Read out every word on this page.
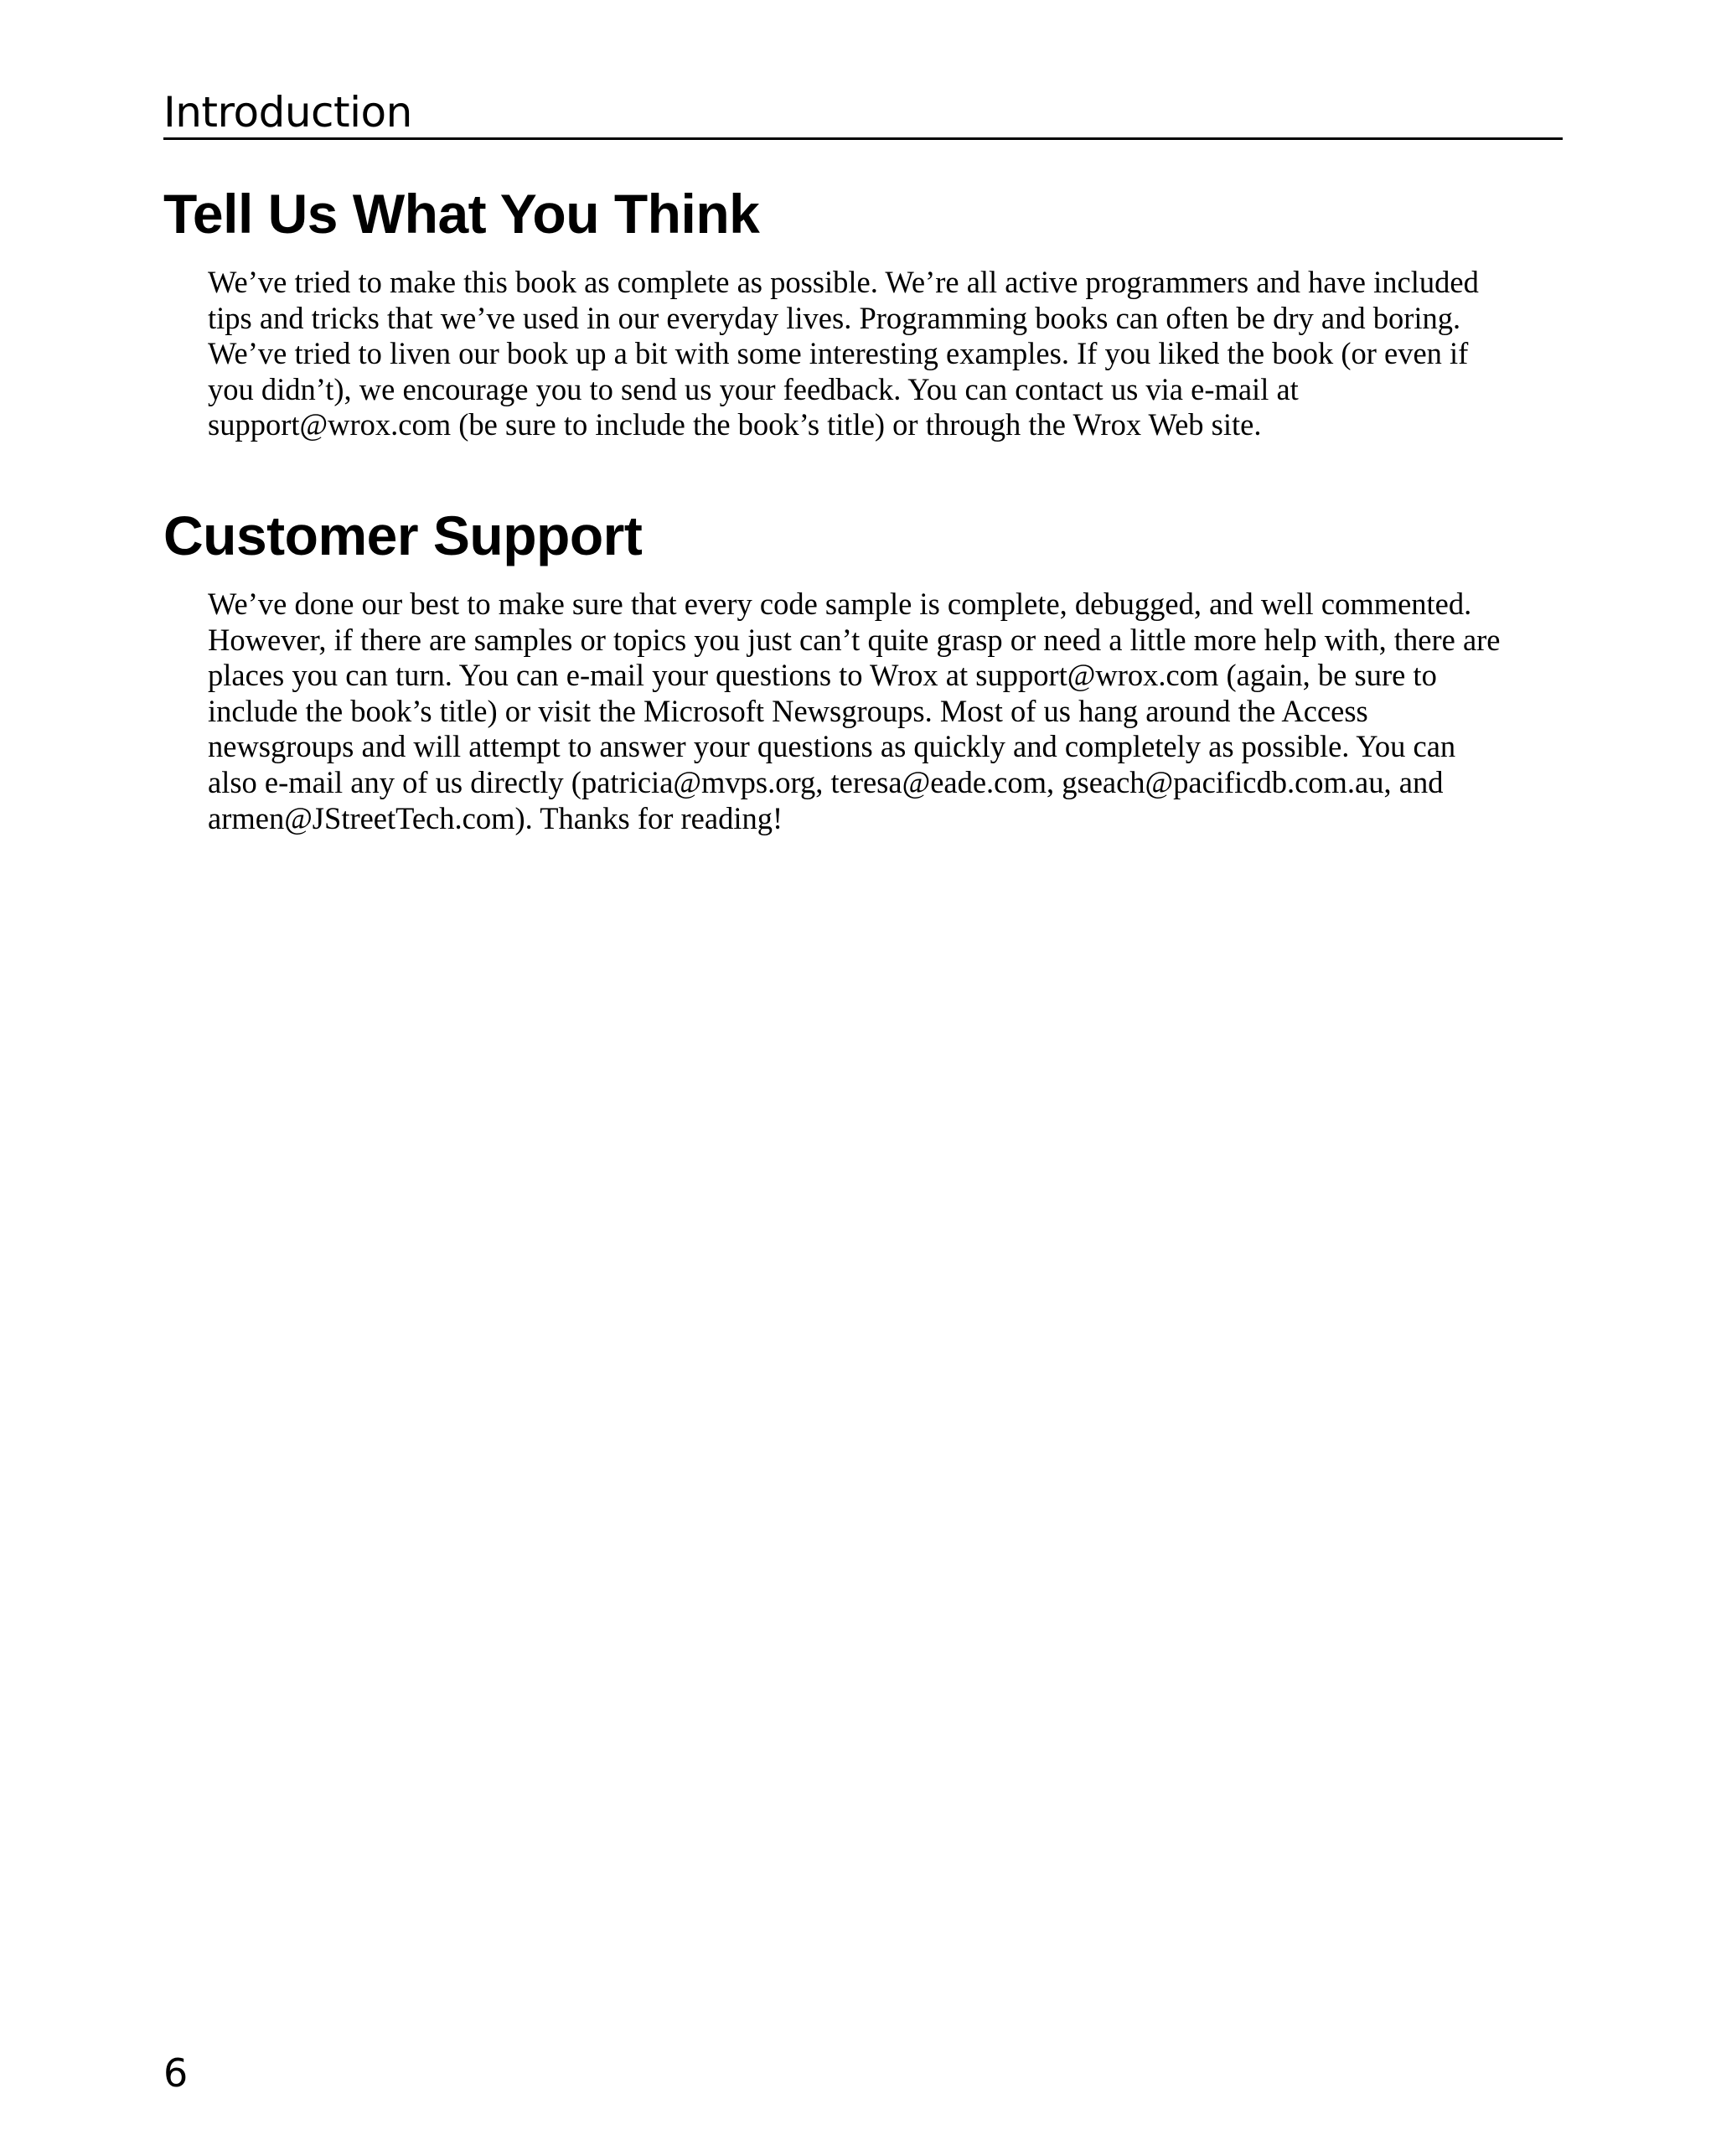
Introduction
Tell Us What You Think
We’ve tried to make this book as complete as possible. We’re all active programmers and have included
tips and tricks that we’ve used in our everyday lives. Programming books can often be dry and boring.
We’ve tried to liven our book up a bit with some interesting examples. If you liked the book (or even if
you didn’t), we encourage you to send us your feedback. You can contact us via e-mail at
support@wrox.com (be sure to include the book’s title) or through the Wrox Web site.
Customer Support
We’ve done our best to make sure that every code sample is complete, debugged, and well commented.
However, if there are samples or topics you just can’t quite grasp or need a little more help with, there are
places you can turn. You can e-mail your questions to Wrox at support@wrox.com (again, be sure to
include the book’s title) or visit the Microsoft Newsgroups. Most of us hang around the Access
newsgroups and will attempt to answer your questions as quickly and completely as possible. You can
also e-mail any of us directly (patricia@mvps.org, teresa@eade.com, gseach@pacificdb.com.au, and
armen@JStreetTech.com). Thanks for reading!
6
